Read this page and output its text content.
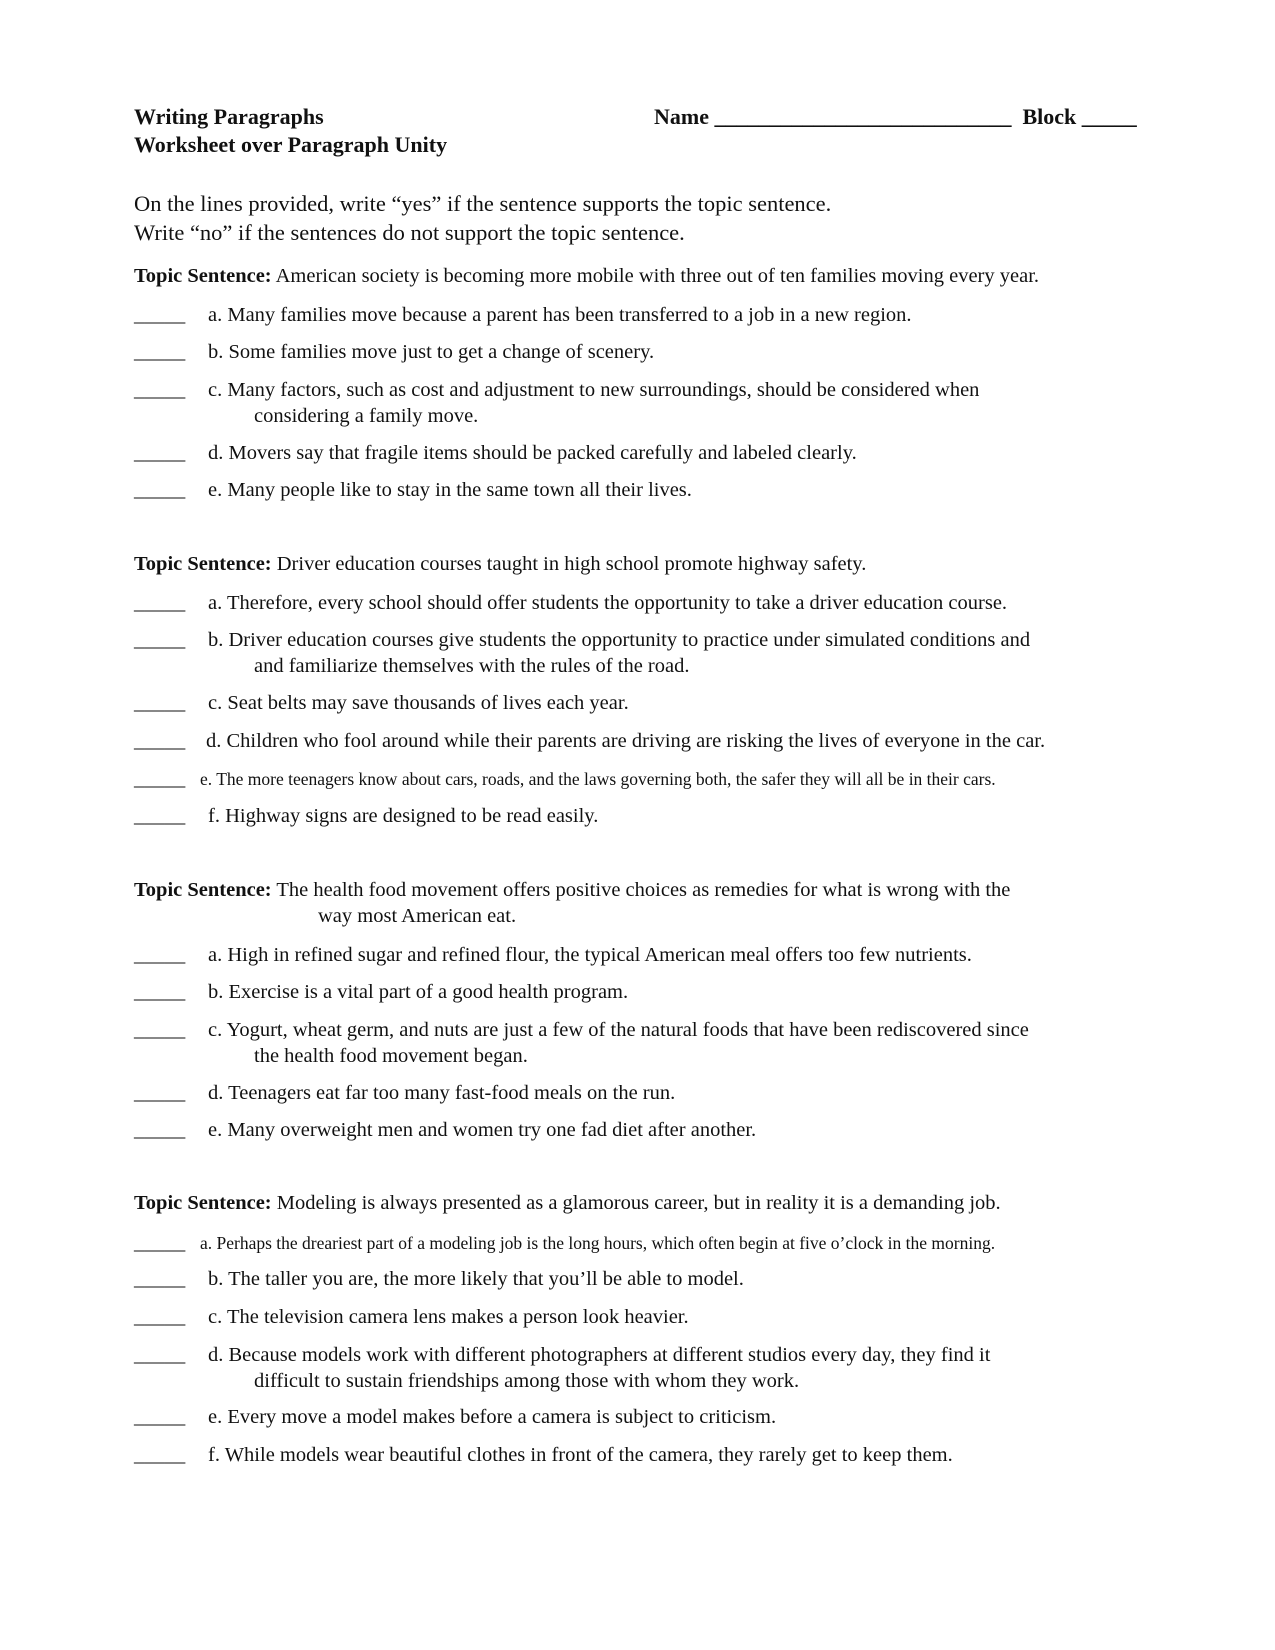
Writing Paragraphs
Worksheet over Paragraph Unity
Name ___________________________ Block _____
On the lines provided, write “yes” if the sentence supports the topic sentence.
Write “no” if the sentences do not support the topic sentence.
Topic Sentence: American society is becoming more mobile with three out of ten families moving every year.
_____ a. Many families move because a parent has been transferred to a job in a new region.
_____ b. Some families move just to get a change of scenery.
_____ c. Many factors, such as cost and adjustment to new surroundings, should be considered when
considering a family move.
_____ d. Movers say that fragile items should be packed carefully and labeled clearly.
_____ e. Many people like to stay in the same town all their lives.
Topic Sentence: Driver education courses taught in high school promote highway safety.
_____ a. Therefore, every school should offer students the opportunity to take a driver education course.
_____ b. Driver education courses give students the opportunity to practice under simulated conditions and
and familiarize themselves with the rules of the road.
_____ c. Seat belts may save thousands of lives each year.
_____ d. Children who fool around while their parents are driving are risking the lives of everyone in the car.
_____ e. The more teenagers know about cars, roads, and the laws governing both, the safer they will all be in their cars.
_____ f. Highway signs are designed to be read easily.
Topic Sentence: The health food movement offers positive choices as remedies for what is wrong with the
way most American eat.
_____ a. High in refined sugar and refined flour, the typical American meal offers too few nutrients.
_____ b. Exercise is a vital part of a good health program.
_____ c. Yogurt, wheat germ, and nuts are just a few of the natural foods that have been rediscovered since
the health food movement began.
_____ d. Teenagers eat far too many fast-food meals on the run.
_____ e. Many overweight men and women try one fad diet after another.
Topic Sentence: Modeling is always presented as a glamorous career, but in reality it is a demanding job.
_____ a. Perhaps the dreariest part of a modeling job is the long hours, which often begin at five o’clock in the morning.
_____ b. The taller you are, the more likely that you’ll be able to model.
_____ c. The television camera lens makes a person look heavier.
_____ d. Because models work with different photographers at different studios every day, they find it
difficult to sustain friendships among those with whom they work.
_____ e. Every move a model makes before a camera is subject to criticism.
_____ f. While models wear beautiful clothes in front of the camera, they rarely get to keep them.
